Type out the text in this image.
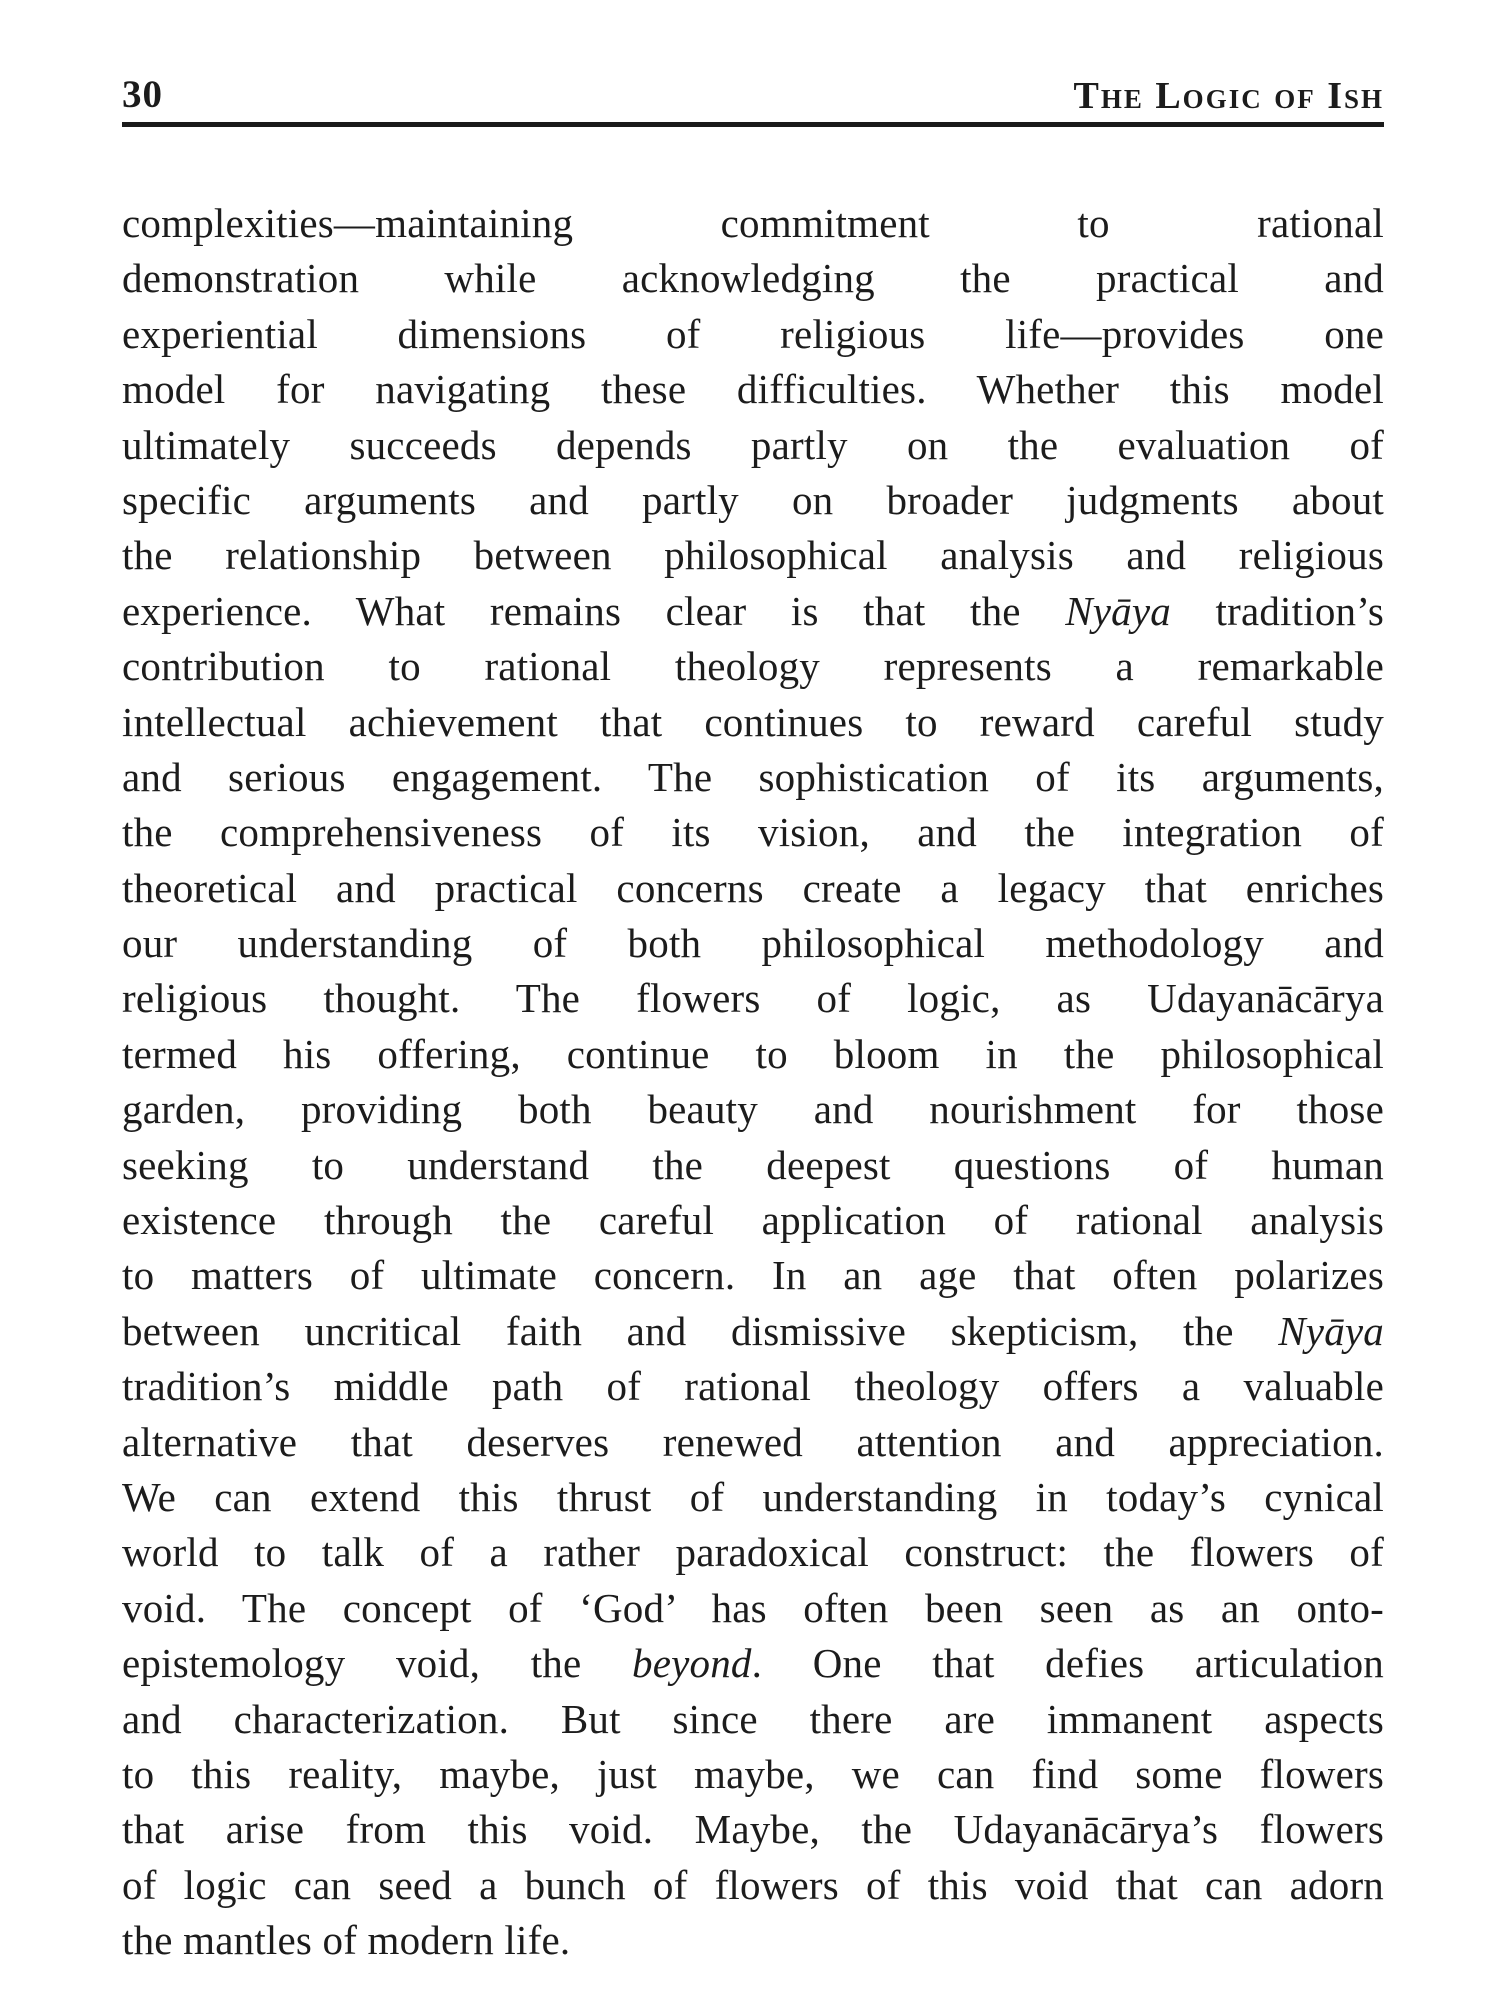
30	The Logic of Ish
complexities—maintaining commitment to rational
demonstration while acknowledging the practical and
experiential dimensions of religious life—provides one
model for navigating these difficulties. Whether this model
ultimately succeeds depends partly on the evaluation of
specific arguments and partly on broader judgments about
the relationship between philosophical analysis and religious
experience. What remains clear is that the Nyāya tradition’s
contribution to rational theology represents a remarkable
intellectual achievement that continues to reward careful study
and serious engagement. The sophistication of its arguments,
the comprehensiveness of its vision, and the integration of
theoretical and practical concerns create a legacy that enriches
our understanding of both philosophical methodology and
religious thought. The flowers of logic, as Udayanācārya
termed his offering, continue to bloom in the philosophical
garden, providing both beauty and nourishment for those
seeking to understand the deepest questions of human
existence through the careful application of rational analysis
to matters of ultimate concern. In an age that often polarizes
between uncritical faith and dismissive skepticism, the Nyāya
tradition’s middle path of rational theology offers a valuable
alternative that deserves renewed attention and appreciation.
We can extend this thrust of understanding in today’s cynical
world to talk of a rather paradoxical construct: the flowers of
void. The concept of ‘God’ has often been seen as an onto-
epistemology void, the beyond. One that defies articulation
and characterization. But since there are immanent aspects
to this reality, maybe, just maybe, we can find some flowers
that arise from this void. Maybe, the Udayanācārya’s flowers
of logic can seed a bunch of flowers of this void that can adorn
the mantles of modern life.
